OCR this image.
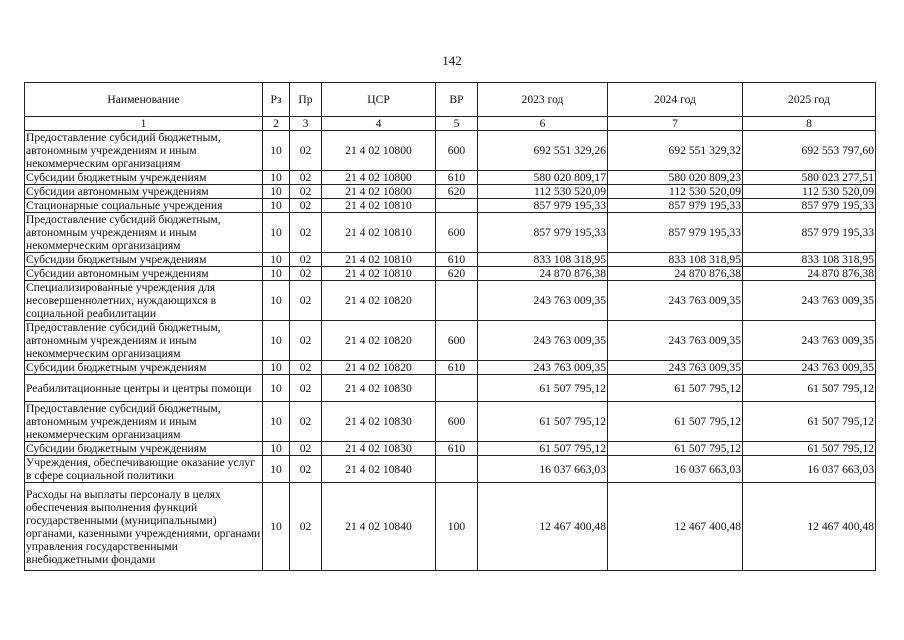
142
Наименование	Рз	Пр	ЦСР	ВР	2023 год	2024 год	2025 год
1	2	3	4	5	6	7	8
Предоставление субсидий бюджетным, автономным учреждениям и иным некоммерческим организациям	10	02	21 4 02 10800	600	692 551 329,26	692 551 329,32	692 553 797,60
Субсидии бюджетным учреждениям	10	02	21 4 02 10800	610	580 020 809,17	580 020 809,23	580 023 277,51
Субсидии автономным учреждениям	10	02	21 4 02 10800	620	112 530 520,09	112 530 520,09	112 530 520,09
Стационарные социальные учреждения	10	02	21 4 02 10810		857 979 195,33	857 979 195,33	857 979 195,33
Предоставление субсидий бюджетным, автономным учреждениям и иным некоммерческим организациям	10	02	21 4 02 10810	600	857 979 195,33	857 979 195,33	857 979 195,33
Субсидии бюджетным учреждениям	10	02	21 4 02 10810	610	833 108 318,95	833 108 318,95	833 108 318,95
Субсидии автономным учреждениям	10	02	21 4 02 10810	620	24 870 876,38	24 870 876,38	24 870 876,38
Специализированные учреждения для несовершеннолетних, нуждающихся в социальной реабилитации	10	02	21 4 02 10820		243 763 009,35	243 763 009,35	243 763 009,35
Предоставление субсидий бюджетным, автономным учреждениям и иным некоммерческим организациям	10	02	21 4 02 10820	600	243 763 009,35	243 763 009,35	243 763 009,35
Субсидии бюджетным учреждениям	10	02	21 4 02 10820	610	243 763 009,35	243 763 009,35	243 763 009,35
Реабилитационные центры и центры помощи	10	02	21 4 02 10830		61 507 795,12	61 507 795,12	61 507 795,12
Предоставление субсидий бюджетным, автономным учреждениям и иным некоммерческим организациям	10	02	21 4 02 10830	600	61 507 795,12	61 507 795,12	61 507 795,12
Субсидии бюджетным учреждениям	10	02	21 4 02 10830	610	61 507 795,12	61 507 795,12	61 507 795,12
Учреждения, обеспечивающие оказание услуг в сфере социальной политики	10	02	21 4 02 10840		16 037 663,03	16 037 663,03	16 037 663,03
Расходы на выплаты персоналу в целях обеспечения выполнения функций государственными (муниципальными) органами, казенными учреждениями, органами управления государственными внебюджетными фондами	10	02	21 4 02 10840	100	12 467 400,48	12 467 400,48	12 467 400,48
